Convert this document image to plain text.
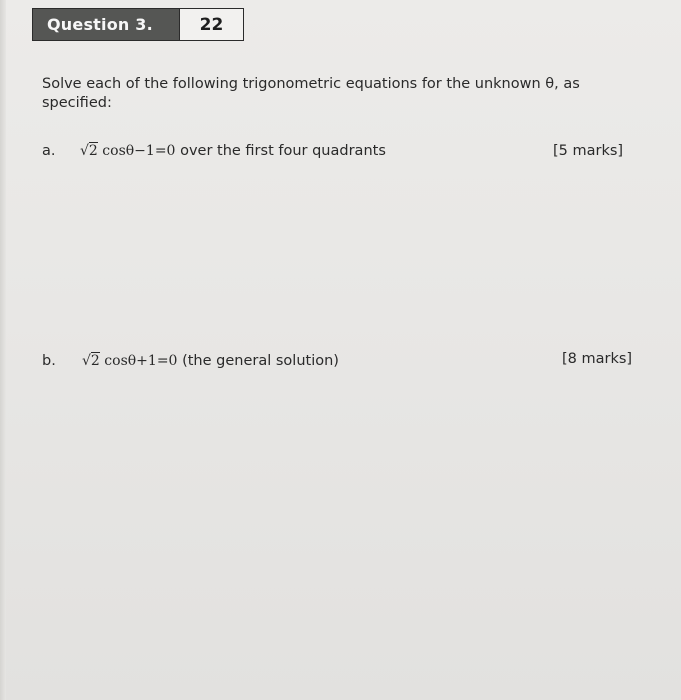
Question 3.	22
Solve each of the following trigonometric equations for the unknown θ, as specified:
a. √2 cosθ−1=0 over the first four quadrants	[5 marks]
b. √2 cosθ+1=0 (the general solution)	[8 marks]
